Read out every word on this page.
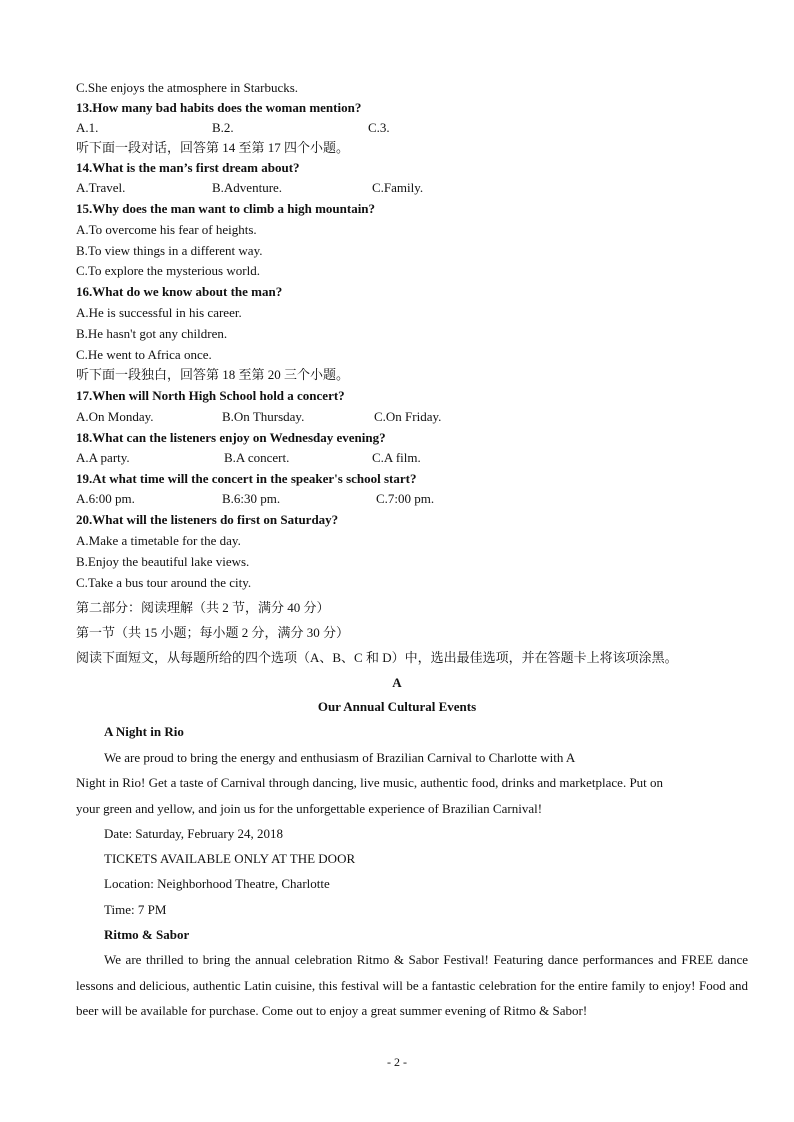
C.She enjoys the atmosphere in Starbucks.
13.How many bad habits does the woman mention?
A.1.	B.2.	C.3.
听下面一段对话，回答第 14 至第 17 四个小题。
14.What is the man’s first dream about?
A.Travel.	B.Adventure.	C.Family.
15.Why does the man want to climb a high mountain?
A.To overcome his fear of heights.
B.To view things in a different way.
C.To explore the mysterious world.
16.What do we know about the man?
A.He is successful in his career.
B.He hasn't got any children.
C.He went to Africa once.
听下面一段独白，回答第 18 至第 20 三个小题。
17.When will North High School hold a concert?
A.On Monday.	B.On Thursday.	C.On Friday.
18.What can the listeners enjoy on Wednesday evening?
A.A party.	B.A concert.	C.A film.
19.At what time will the concert in the speaker's school start?
A.6:00 pm.	B.6:30 pm.	C.7:00 pm.
20.What will the listeners do first on Saturday?
A.Make a timetable for the day.
B.Enjoy the beautiful lake views.
C.Take a bus tour around the city.
第二部分：阅读理解（共 2 节，满分 40 分）
第一节（共 15 小题；每小题 2 分，满分 30 分）
阅读下面短文，从每题所给的四个选项（A、B、C 和 D）中，选出最佳选项，并在答题卡上将该项涂黑。
A
Our Annual Cultural Events
A Night in Rio
We are proud to bring the energy and enthusiasm of Brazilian Carnival to Charlotte with A
Night in Rio! Get a taste of Carnival through dancing, live music, authentic food, drinks and marketplace. Put on
your green and yellow, and join us for the unforgettable experience of Brazilian Carnival!
Date: Saturday, February 24, 2018
TICKETS AVAILABLE ONLY AT THE DOOR
Location: Neighborhood Theatre, Charlotte
Time: 7 PM
Ritmo & Sabor
We are thrilled to bring the annual celebration Ritmo & Sabor Festival! Featuring dance performances and FREE dance lessons and delicious, authentic Latin cuisine, this festival will be a fantastic celebration for the entire family to enjoy! Food and beer will be available for purchase. Come out to enjoy a great summer evening of Ritmo & Sabor!
- 2 -
